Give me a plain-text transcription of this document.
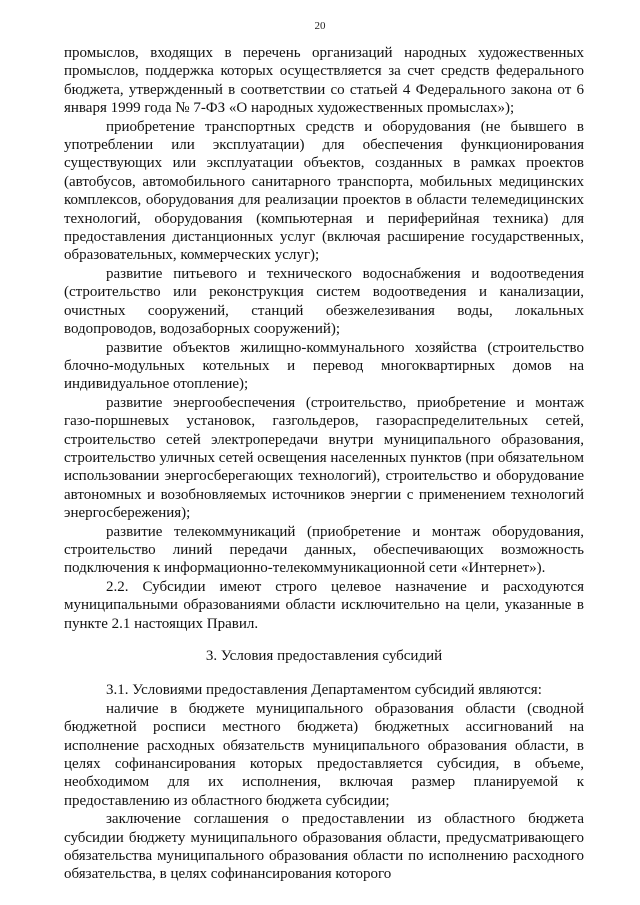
20

промыслов, входящих в перечень организаций народных художественных промыслов, поддержка которых осуществляется за счет средств федерального бюджета, утвержденный в соответствии со статьей 4 Федерального закона от 6 января 1999 года № 7-ФЗ «О народных художественных промыслах»);

приобретение транспортных средств и оборудования (не бывшего в употреблении или эксплуатации) для обеспечения функционирования существующих или эксплуатации объектов, созданных в рамках проектов (автобусов, автомобильного санитарного транспорта, мобильных медицинских комплексов, оборудования для реализации проектов в области телемедицинских технологий, оборудования (компьютерная и периферийная техника) для предоставления дистанционных услуг (включая расширение государственных, образовательных, коммерческих услуг);

развитие питьевого и технического водоснабжения и водоотведения (строительство или реконструкция систем водоотведения и канализации, очистных сооружений, станций обезжелезивания воды, локальных водопроводов, водозаборных сооружений);

развитие объектов жилищно-коммунального хозяйства (строительство блочно-модульных котельных и перевод многоквартирных домов на индивидуальное отопление);

развитие энергообеспечения (строительство, приобретение и монтаж газо-поршневых установок, газгольдеров, газораспределительных сетей, строительство сетей электропередачи внутри муниципального образования, строительство уличных сетей освещения населенных пунктов (при обязательном использовании энергосберегающих технологий), строительство и оборудование автономных и возобновляемых источников энергии с применением технологий энергосбережения);

развитие телекоммуникаций (приобретение и монтаж оборудования, строительство линий передачи данных, обеспечивающих возможность подключения к информационно-телекоммуникационной сети «Интернет»).

2.2. Субсидии имеют строго целевое назначение и расходуются муниципальными образованиями области исключительно на цели, указанные в пункте 2.1 настоящих Правил.

3. Условия предоставления субсидий

3.1. Условиями предоставления Департаментом субсидий являются:

наличие в бюджете муниципального образования области (сводной бюджетной росписи местного бюджета) бюджетных ассигнований на исполнение расходных обязательств муниципального образования области, в целях софинансирования которых предоставляется субсидия, в объеме, необходимом для их исполнения, включая размер планируемой к предоставлению из областного бюджета субсидии;

заключение соглашения о предоставлении из областного бюджета субсидии бюджету муниципального образования области, предусматривающего обязательства муниципального образования области по исполнению расходного обязательства, в целях софинансирования которого
